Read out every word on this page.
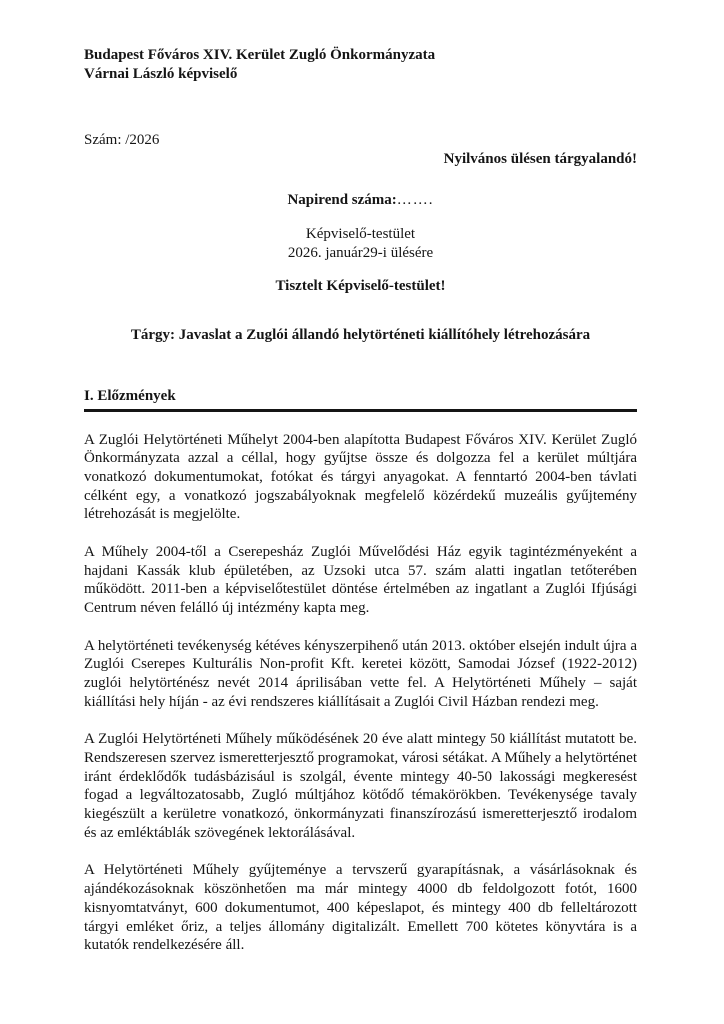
Budapest Főváros XIV. Kerület Zugló Önkormányzata
Várnai László képviselő
Szám: /2026
Nyilvános ülésen tárgyalandó!
Napirend száma:…….
Képviselő-testület
2026. január29-i ülésére
Tisztelt Képviselő-testület!
Tárgy: Javaslat a Zuglói állandó helytörténeti kiállítóhely létrehozására
I. Előzmények

A Zuglói Helytörténeti Műhelyt 2004-ben alapította Budapest Főváros XIV. Kerület Zugló Önkormányzata azzal a céllal, hogy gyűjtse össze és dolgozza fel a kerület múltjára vonatkozó dokumentumokat, fotókat és tárgyi anyagokat. A fenntartó 2004-ben távlati célként egy, a vonatkozó jogszabályoknak megfelelő közérdekű muzeális gyűjtemény létrehozását is megjelölte.

A Műhely 2004-től a Cserepesház Zuglói Művelődési Ház egyik tagintézményeként a hajdani Kassák klub épületében, az Uzsoki utca 57. szám alatti ingatlan tetőterében működött. 2011-ben a képviselőtestület döntése értelmében az ingatlant a Zuglói Ifjúsági Centrum néven felálló új intézmény kapta meg.

A helytörténeti tevékenység kétéves kényszerpihenő után 2013. október elsején indult újra a Zuglói Cserepes Kulturális Non-profit Kft. keretei között, Samodai József (1922-2012) zuglói helytörténész nevét 2014 áprilisában vette fel. A Helytörténeti Műhely – saját kiállítási hely híján - az évi rendszeres kiállításait a Zuglói Civil Házban rendezi meg.

A Zuglói Helytörténeti Műhely működésének 20 éve alatt mintegy 50 kiállítást mutatott be. Rendszeresen szervez ismeretterjesztő programokat, városi sétákat. A Műhely a helytörténet iránt érdeklődők tudásbázisául is szolgál, évente mintegy 40-50 lakossági megkeresést fogad a legváltozatosabb, Zugló múltjához kötődő témakörökben. Tevékenysége tavaly kiegészült a kerületre vonatkozó, önkormányzati finanszírozású ismeretterjesztő irodalom és az emléktáblák szövegének lektorálásával.

A Helytörténeti Műhely gyűjteménye a tervszerű gyarapításnak, a vásárlásoknak és ajándékozásoknak köszönhetően ma már mintegy 4000 db feldolgozott fotót, 1600 kisnyomtatványt, 600 dokumentumot, 400 képeslapot, és mintegy 400 db felleltározott tárgyi emléket őriz, a teljes állomány digitalizált. Emellett 700 kötetes könyvtára is a kutatók rendelkezésére áll.
